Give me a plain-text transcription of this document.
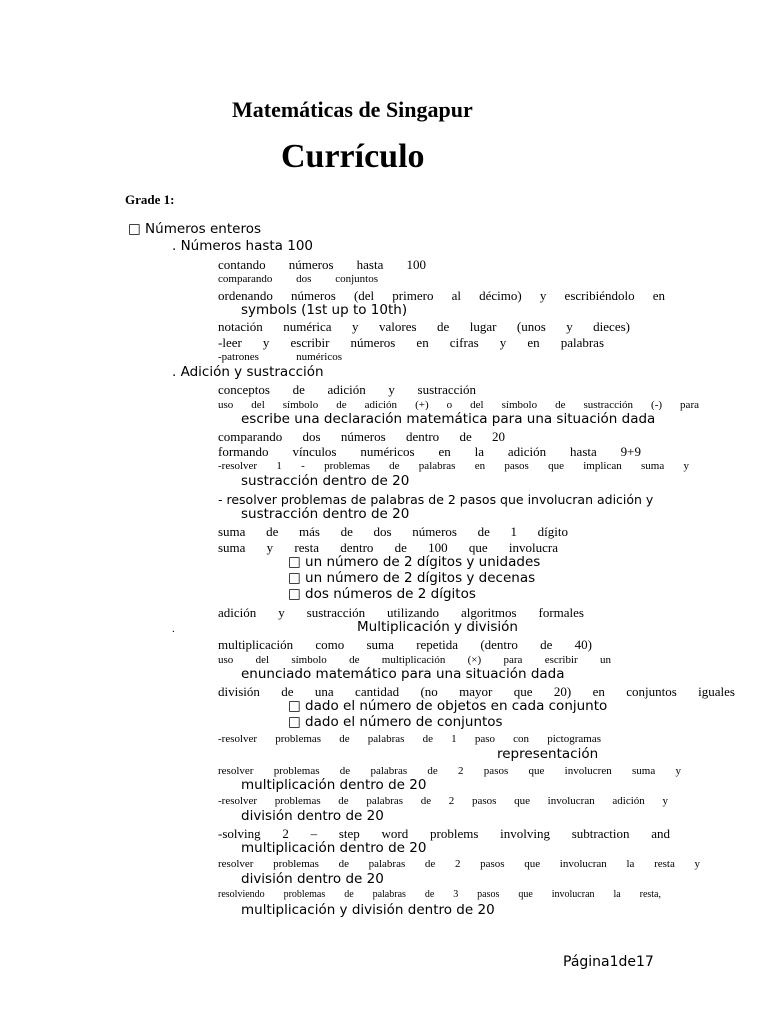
Matemáticas de Singapur
Currículo
Grade 1:
□ Números enteros
. Números hasta 100
contando números hasta 100
comparando dos conjuntos
ordenando números (del primero al décimo) y escribiéndolo en
symbols (1st up to 10th)
notación numérica y valores de lugar (unos y dieces)
-leer y escribir números en cifras y en palabras
-patrones numéricos
. Adición y sustracción
conceptos de adición y sustracción
uso del símbolo de adición (+) o del símbolo de sustracción (-) para
escribe una declaración matemática para una situación dada
comparando dos números dentro de 20
formando vínculos numéricos en la adición hasta 9+9
-resolver 1 - problemas de palabras en pasos que implican suma y
sustracción dentro de 20
- resolver problemas de palabras de 2 pasos que involucran adición y
sustracción dentro de 20
suma de más de dos números de 1 dígito
suma y resta dentro de 100 que involucra
□ un número de 2 dígitos y unidades
□ un número de 2 dígitos y decenas
□ dos números de 2 dígitos
adición y sustracción utilizando algoritmos formales
.	Multiplicación y división
multiplicación como suma repetida (dentro de 40)
uso del símbolo de multiplicación (×) para escribir un
enunciado matemático para una situación dada
división de una cantidad (no mayor que 20) en conjuntos iguales
□ dado el número de objetos en cada conjunto
□ dado el número de conjuntos
-resolver problemas de palabras de 1 paso con pictogramas
representación
resolver problemas de palabras de 2 pasos que involucren suma y
multiplicación dentro de 20
-resolver problemas de palabras de 2 pasos que involucran adición y
división dentro de 20
-solving 2 – step word problems involving subtraction and
multiplicación dentro de 20
resolver problemas de palabras de 2 pasos que involucran la resta y
división dentro de 20
resolviendo problemas de palabras de 3 pasos que involucran la resta,
multiplicación y división dentro de 20
Página1de17
